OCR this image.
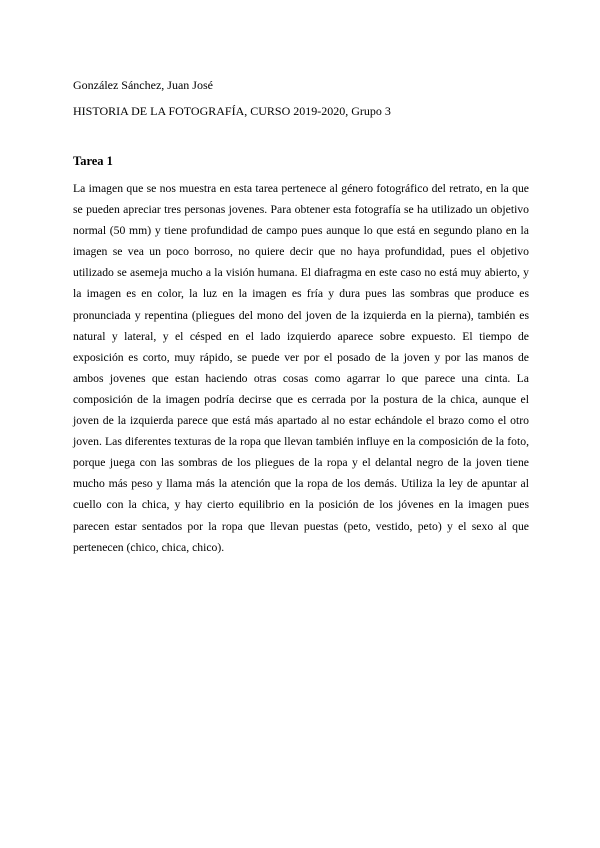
González Sánchez, Juan José
HISTORIA DE LA FOTOGRAFÍA, CURSO 2019-2020, Grupo 3
Tarea 1

La imagen que se nos muestra en esta tarea pertenece al género fotográfico del retrato, en la que se pueden apreciar tres personas jovenes. Para obtener esta fotografía se ha utilizado un objetivo normal (50 mm) y tiene profundidad de campo pues aunque lo que está en segundo plano en la imagen se vea un poco borroso, no quiere decir que no haya profundidad, pues el objetivo utilizado se asemeja mucho a la visión humana. El diafragma en este caso no está muy abierto, y la imagen es en color, la luz en la imagen es fría y dura pues las sombras que produce es pronunciada y repentina (pliegues del mono del joven de la izquierda en la pierna), también es natural y lateral, y el césped en el lado izquierdo aparece sobre expuesto. El tiempo de exposición es corto, muy rápido, se puede ver por el posado de la joven y por las manos de ambos jovenes que estan haciendo otras cosas como agarrar lo que parece una cinta. La composición de la imagen podría decirse que es cerrada por la postura de la chica, aunque el joven de la izquierda parece que está más apartado al no estar echándole el brazo como el otro joven. Las diferentes texturas de la ropa que llevan también influye en la composición de la foto, porque juega con las sombras de los pliegues de la ropa y el delantal negro de la joven tiene mucho más peso y llama más la atención que la ropa de los demás. Utiliza la ley de apuntar al cuello con la chica, y hay cierto equilibrio en la posición de los jóvenes en la imagen pues parecen estar sentados por la ropa que llevan puestas (peto, vestido, peto) y el sexo al que pertenecen (chico, chica, chico).
